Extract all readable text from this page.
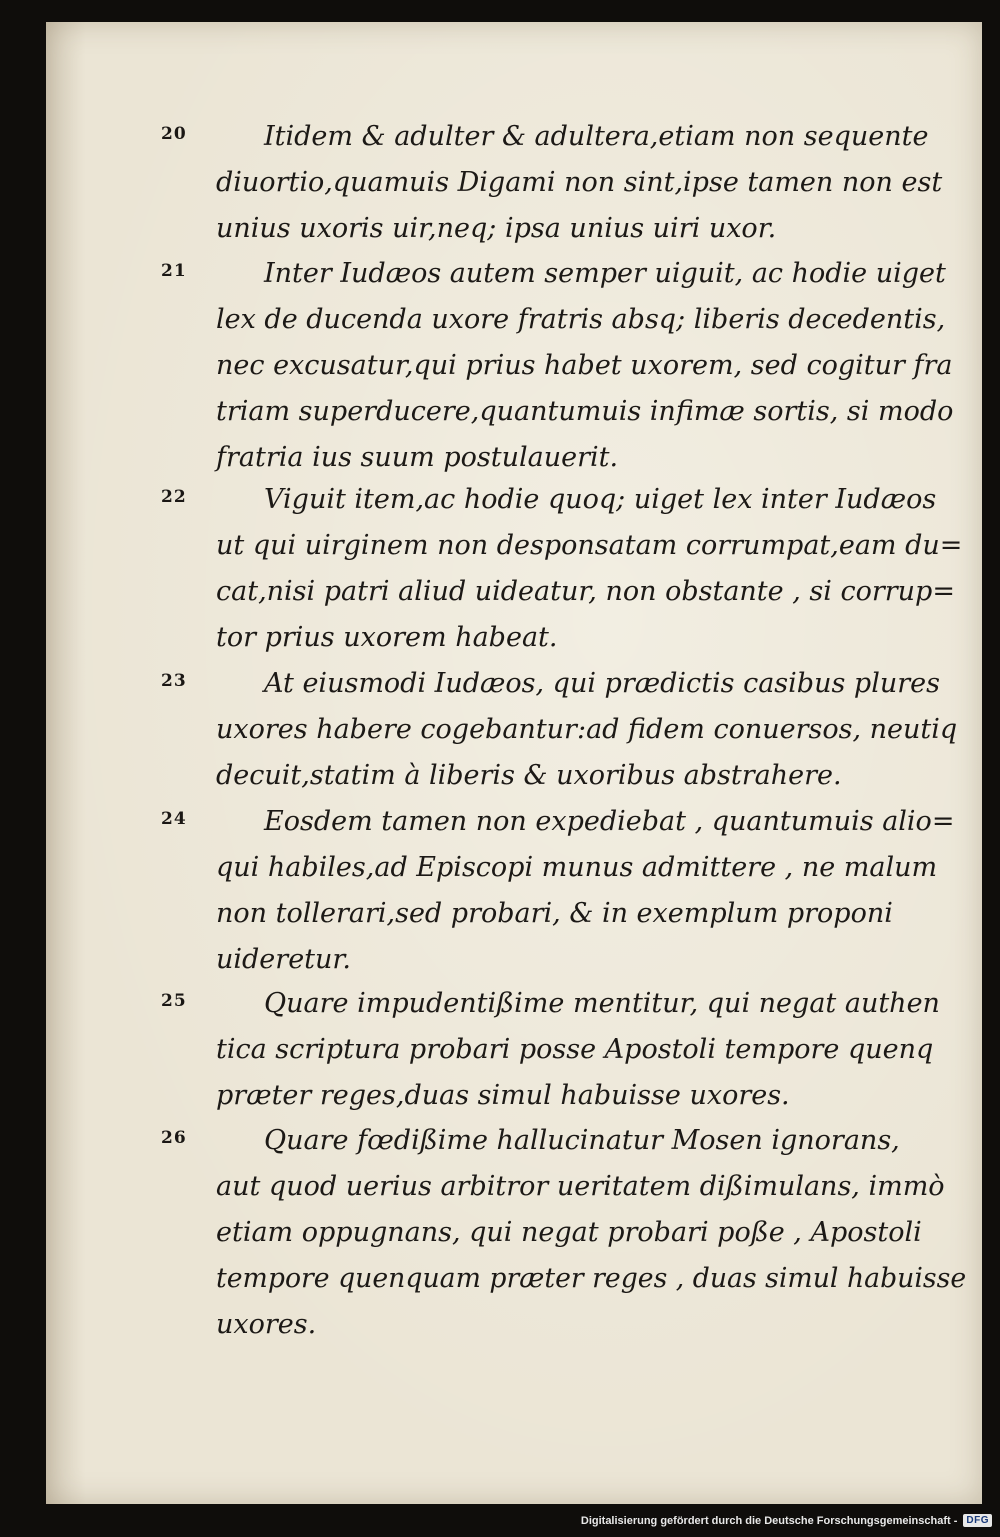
20	Itidem & adulter & adultera,etiam non sequente
diuortio,quamuis Digami non sint,ipse tamen non est
unius uxoris uir,neq; ipsa unius uiri uxor.
21	Inter Iudæos autem semper uiguit, ac hodie uiget
lex de ducenda uxore fratris absq; liberis decedentis,
nec excusatur,qui prius habet uxorem, sed cogitur fra
triam superducere,quantumuis infimæ sortis, si modo
fratria ius suum postulauerit.
22	Viguit item,ac hodie quoq; uiget lex inter Iudæos
ut qui uirginem non desponsatam corrumpat,eam du=
cat,nisi patri aliud uideatur, non obstante , si corrup=
tor prius uxorem habeat.
23	At eiusmodi Iudæos, qui prædictis casibus plures
uxores habere cogebantur:ad fidem conuersos, neutiq
decuit,statim à liberis & uxoribus abstrahere.
24	Eosdem tamen non expediebat , quantumuis alio=
qui habiles,ad Episcopi munus admittere , ne malum
non tollerari,sed probari, & in exemplum proponi
uideretur.
25	Quare impudentißime mentitur, qui negat authen
tica scriptura probari posse Apostoli tempore quenq
præter reges,duas simul habuisse uxores.
26	Quare fœdißime hallucinatur Mosen ignorans,
aut quod uerius arbitror ueritatem dißimulans, immò
etiam oppugnans, qui negat probari poße , Apostoli
tempore quenquam præter reges , duas simul habuisse
uxores.
Digitalisierung gefördert durch die Deutsche Forschungsgemeinschaft - DFG
